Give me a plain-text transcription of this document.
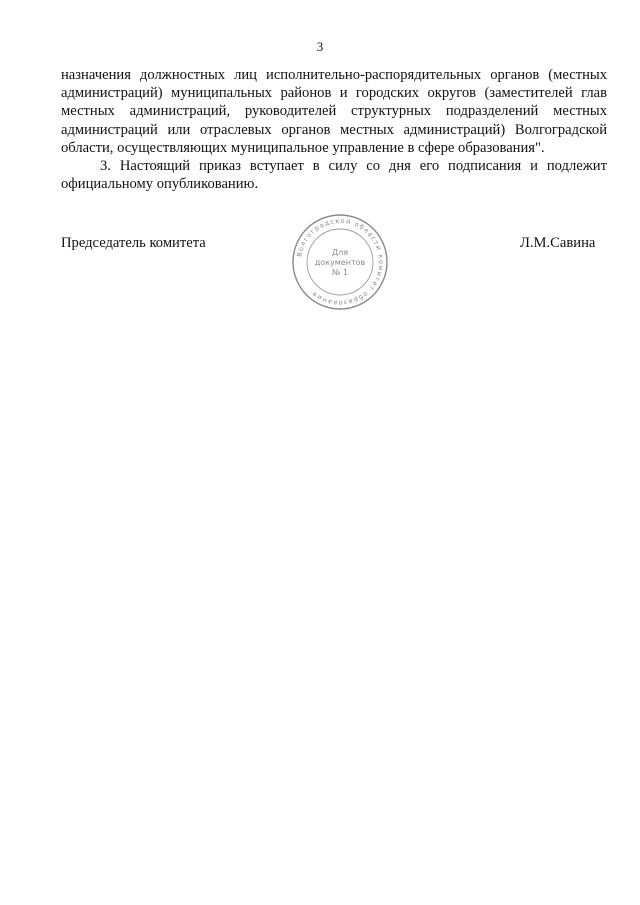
3
назначения должностных лиц исполнительно-распорядительных органов (местных
администраций) муниципальных районов и городских округов (заместителей глав
местных администраций, руководителей структурных подразделений местных
администраций или отраслевых органов местных администраций) Волгоградской
области, осуществляющих муниципальное управление в сфере образования".
3. Настоящий приказ вступает в силу со дня его подписания и подлежит
официальному опубликованию.
Председатель комитета
Волгоградской области комитет образования
Для
документов
№ 1
Л.М.Савина
